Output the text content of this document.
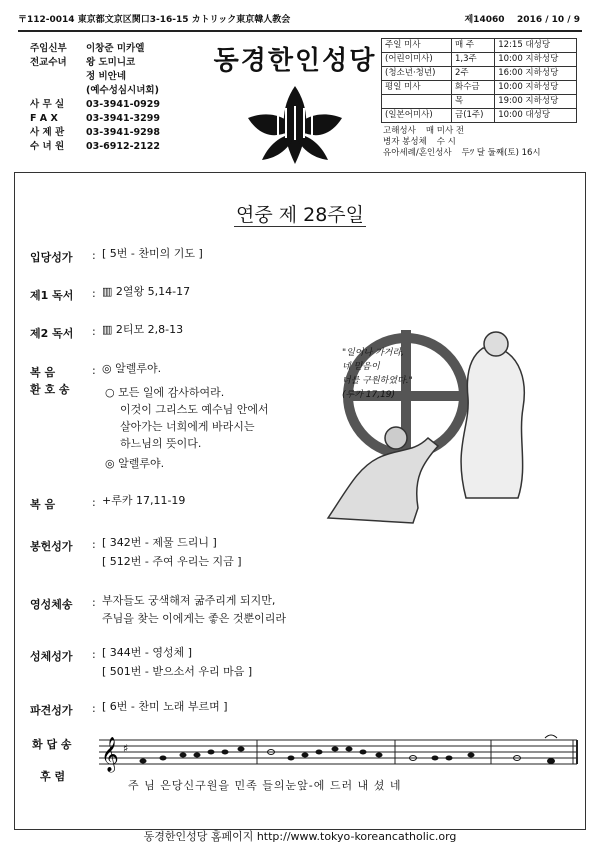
〒112-0014 東京都文京区関口3-16-15 カトリック東京韓人教会	제14060 2016 / 10 / 9
주임신부	이창준 미카엘
전교수녀	왕 도미니코
정 비안네
(예수성심시녀회)
사 무 실	03-3941-0929
F A X	03-3941-3299
사 제 관	03-3941-9298
수 녀 원	03-6912-2122
동경한인성당
주일 미사	매 주	12:15 대성당
(어린이미사)	1,3주	10:00 지하성당
(청소년·청년)	2주	16:00 지하성당
평일 미사	화수금	10:00 지하성당
	목	19:00 지하성당
(일본어미사)	금(1주)	10:00 대성당
고해성사 매 미사 전
병자 봉성체 수 시
유아세례/혼인성사 두ﾂ 달 둘째(토) 16시
연중 제 28주일
입당성가	: [ 5번 - 찬미의 기도 ]
제1 독서	: ▥ 2열왕 5,14-17
제2 독서	: ▥ 2티모 2,8-13
복 음
환 호 송
: ◎ 알렐루야.
○ 모든 일에 감사하여라.
이것이 그리스도 예수님 안에서
살아가는 너희에게 바라시는
하느님의 뜻이다.
◎ 알렐루야.
복 음	: +루카 17,11-19
봉헌성가	: [ 342번 - 제물 드리니 ]
[ 512번 - 주여 우리는 지금 ]
영성체송	: 부자들도 궁색해져 굶주리게 되지만,
주님을 찾는 이에게는 좋은 것뿐이리라
성체성가	: [ 344번 - 영성체 ]
[ 501번 - 받으소서 우리 마음 ]
파견성가	: [ 6번 - 찬미 노래 부르며 ]
화 답 송
후 렴
𝄞 ♯
주 님 은당신구원을 민족 들의눈앞-에 드러 내 셨 네
"일어나 가거라,
네 믿음이
너를 구원하였다."
(루카 17,19)
동경한인성당 홈페이지 http://www.tokyo-koreancatholic.org
